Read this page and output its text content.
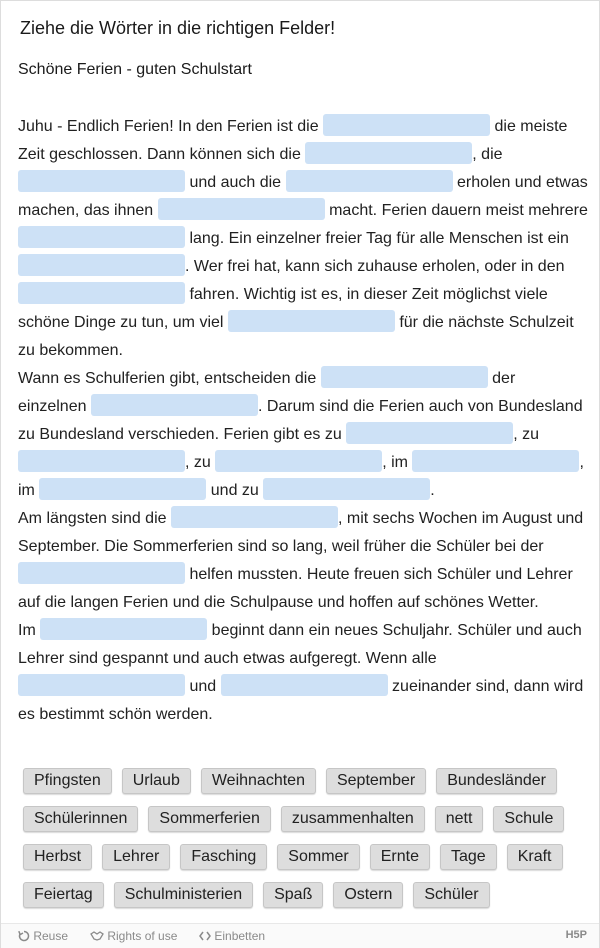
Ziehe die Wörter in die richtigen Felder!
Schöne Ferien - guten Schulstart
Juhu - Endlich Ferien! In den Ferien ist die	die meiste Zeit geschlossen. Dann können sich die	, die  und auch die	erholen und etwas machen, das ihnen	macht. Ferien dauern meist mehrere  lang. Ein einzelner freier Tag für alle Menschen ist ein . Wer frei hat, kann sich zuhause erholen, oder in den  fahren. Wichtig ist es, in dieser Zeit möglichst viele schöne Dinge zu tun, um viel	für die nächste Schulzeit zu bekommen.
Wann es Schulferien gibt, entscheiden die	der einzelnen	. Darum sind die Ferien auch von Bundesland zu Bundesland verschieden. Ferien gibt es zu	, zu , zu	, im	, im	und zu	.
Am längsten sind die	, mit sechs Wochen im August und September. Die Sommerferien sind so lang, weil früher die Schüler bei der  helfen mussten. Heute freuen sich Schüler und Lehrer auf die langen Ferien und die Schulpause und hoffen auf schönes Wetter.
Im	beginnt dann ein neues Schuljahr. Schüler und auch Lehrer sind gespannt und auch etwas aufgeregt. Wenn alle  und	zueinander sind, dann wird es bestimmt schön werden.
Pfingsten Urlaub Weihnachten September Bundesländer
Schülerinnen Sommerferien zusammenhalten nett Schule
Herbst Lehrer Fasching Sommer Ernte Tage Kraft
Feiertag Schulministerien Spaß Ostern Schüler
Reuse	Rights of use	Einbetten	H5P
